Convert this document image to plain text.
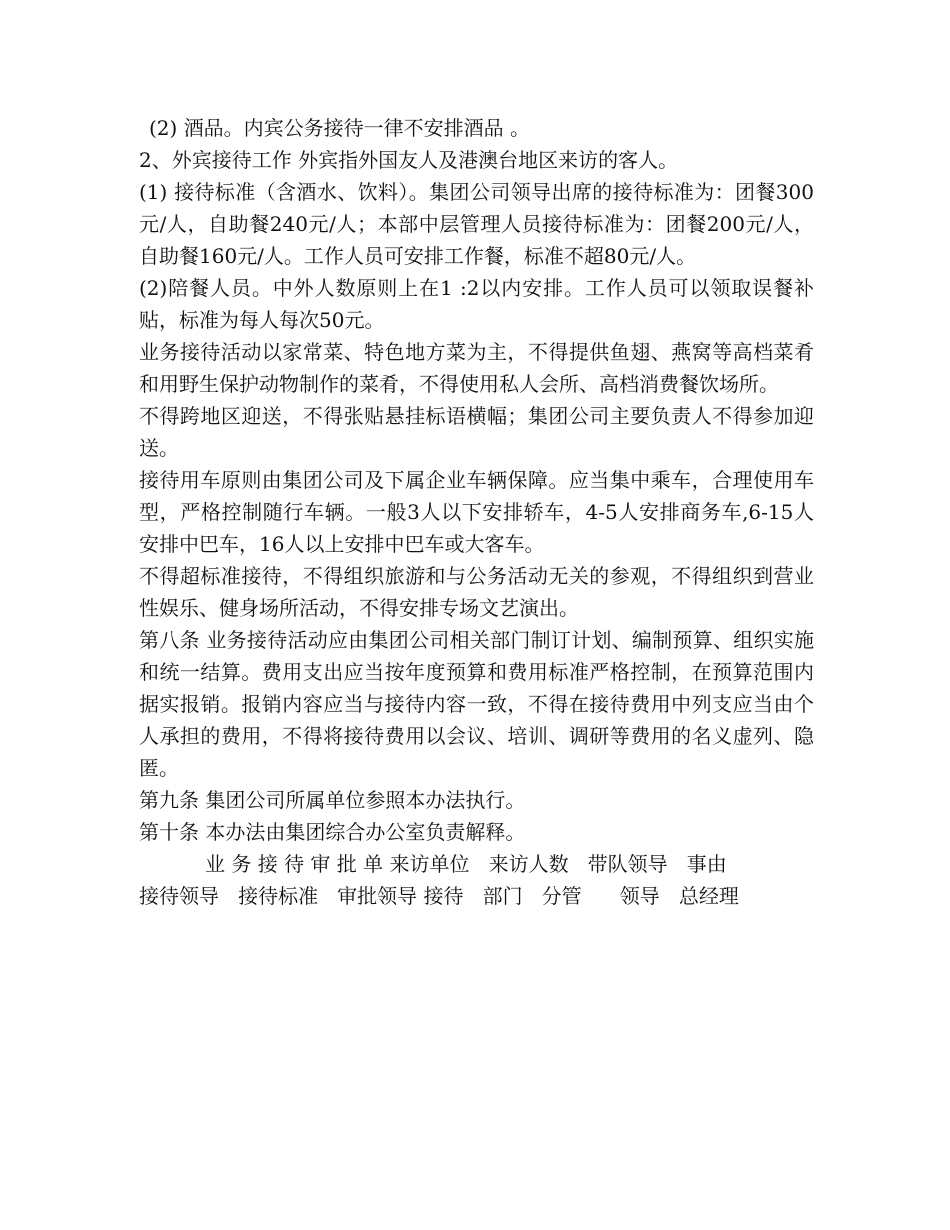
(2) 酒品。内宾公务接待一律不安排酒品 。

2、外宾接待工作 外宾指外国友人及港澳台地区来访的客人。

(1) 接待标准（含酒水、饮料）。集团公司领导出席的接待标准为：团餐300元/人，自助餐240元/人；本部中层管理人员接待标准为：团餐200元/人，自助餐160元/人。工作人员可安排工作餐，标准不超80元/人。

(2)陪餐人员。中外人数原则上在1 :2以内安排。工作人员可以领取误餐补贴，标准为每人每次50元。

业务接待活动以家常菜、特色地方菜为主，不得提供鱼翅、燕窝等高档菜肴和用野生保护动物制作的菜肴，不得使用私人会所、高档消费餐饮场所。

不得跨地区迎送，不得张贴悬挂标语横幅；集团公司主要负责人不得参加迎送。

接待用车原则由集团公司及下属企业车辆保障。应当集中乘车，合理使用车型，严格控制随行车辆。一般3人以下安排轿车，4-5人安排商务车,6-15人安排中巴车，16人以上安排中巴车或大客车。

不得超标准接待，不得组织旅游和与公务活动无关的参观，不得组织到营业性娱乐、健身场所活动，不得安排专场文艺演出。

第八条 业务接待活动应由集团公司相关部门制订计划、编制预算、组织实施和统一结算。费用支出应当按年度预算和费用标准严格控制，在预算范围内据实报销。报销内容应当与接待内容一致，不得在接待费用中列支应当由个人承担的费用，不得将接待费用以会议、培训、调研等费用的名义虚列、隐匿。

第九条 集团公司所属单位参照本办法执行。

第十条 本办法由集团综合办公室负责解释。

业 务 接 待 审 批 单 来访单位   来访人数   带队领导   事由

接待领导   接待标准   审批领导 接待   部门   分管      领导   总经理
